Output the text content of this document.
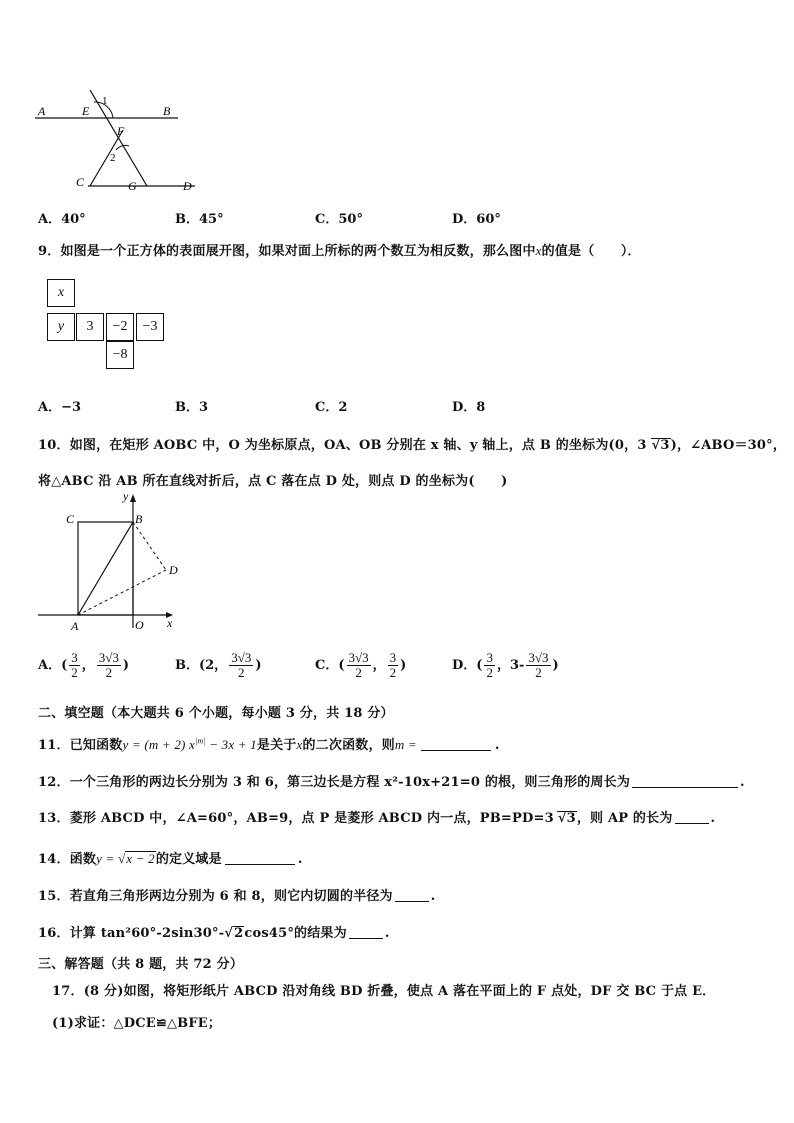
A	E
1
B
F
2
C	G	D
A．40°	B．45°	C．50°	D．60°
9．如图是一个正方体的表面展开图，如果对面上所标的两个数互为相反数，那么图中x的值是（　　）．
x
y	3	−2	−3
−8
A．−3	B．3	C．2	D．8
10．如图，在矩形 AOBC 中，O 为坐标原点，OA、OB 分别在 x 轴、y 轴上，点 B 的坐标为(0，3 √3)，∠ABO＝30°，
将△ABC 沿 AB 所在直线对折后，点 C 落在点 D 处，则点 D 的坐标为(　　)
y
C	B
D
A	O x
A．( $\frac{3}{2}$ ， $\frac{3√3}{2}$ )	B．(2， $\frac{3√3}{2}$ )	C．( $\frac{3√3}{2}$ ， $\frac{3}{2}$ )	D．( $\frac{3}{2}$ ，$3- \frac{3√3}{2}$ )
二、填空题（本大题共 6 个小题，每小题 3 分，共 18 分）
11．已知函数y = (m + 2) $x^{|m|} - 3x + 1$是关于x的二次函数，则m =	.
12．一个三角形的两边长分别为 3 和 6，第三边长是方程 x²-10x+21=0 的根，则三角形的周长为	.
13．菱形 ABCD 中，∠A=60°，AB=9，点 P 是菱形 ABCD 内一点，PB=PD=3 √3，则 AP 的长为	.
14．函数y = √x − 2的定义域是	.
15．若直角三角形两边分别为 6 和 8，则它内切圆的半径为	.
16．计算 tan²60°-2sin30°-√2cos45°的结果为	.
三、解答题（共 8 题，共 72 分）
17．(8 分)如图，将矩形纸片 ABCD 沿对角线 BD 折叠，使点 A 落在平面上的 F 点处，DF 交 BC 于点 E．
(1)求证：△DCE≌△BFE；
